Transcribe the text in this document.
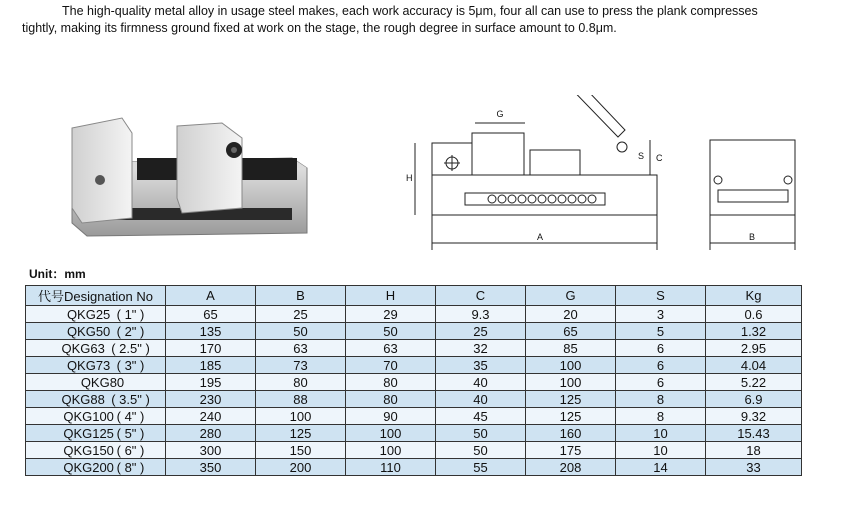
The high-quality metal alloy in usage steel makes, each work accuracy is 5μm, four all can use to press the plank compresses
tightly, making its firmness ground fixed at work on the stage, the rough degree in surface amount to 0.8μm.
G
H
S C
A	B
Unit：mm
代号Designation No	A	B	H	C	G	S	Kg
QKG25 ( 1" )	65	25	29	9.3	20	3	0.6
QKG50 ( 2" )	135	50	50	25	65	5	1.32
QKG63 ( 2.5" )	170	63	63	32	85	6	2.95
QKG73 ( 3" )	185	73	70	35	100	6	4.04
QKG80	195	80	80	40	100	6	5.22
QKG88 ( 3.5" )	230	88	80	40	125	8	6.9
QKG100 ( 4" )	240	100	90	45	125	8	9.32
QKG125 ( 5" )	280	125	100	50	160	10	15.43
QKG150 ( 6" )	300	150	100	50	175	10	18
QKG200 ( 8" )	350	200	110	55	208	14	33
